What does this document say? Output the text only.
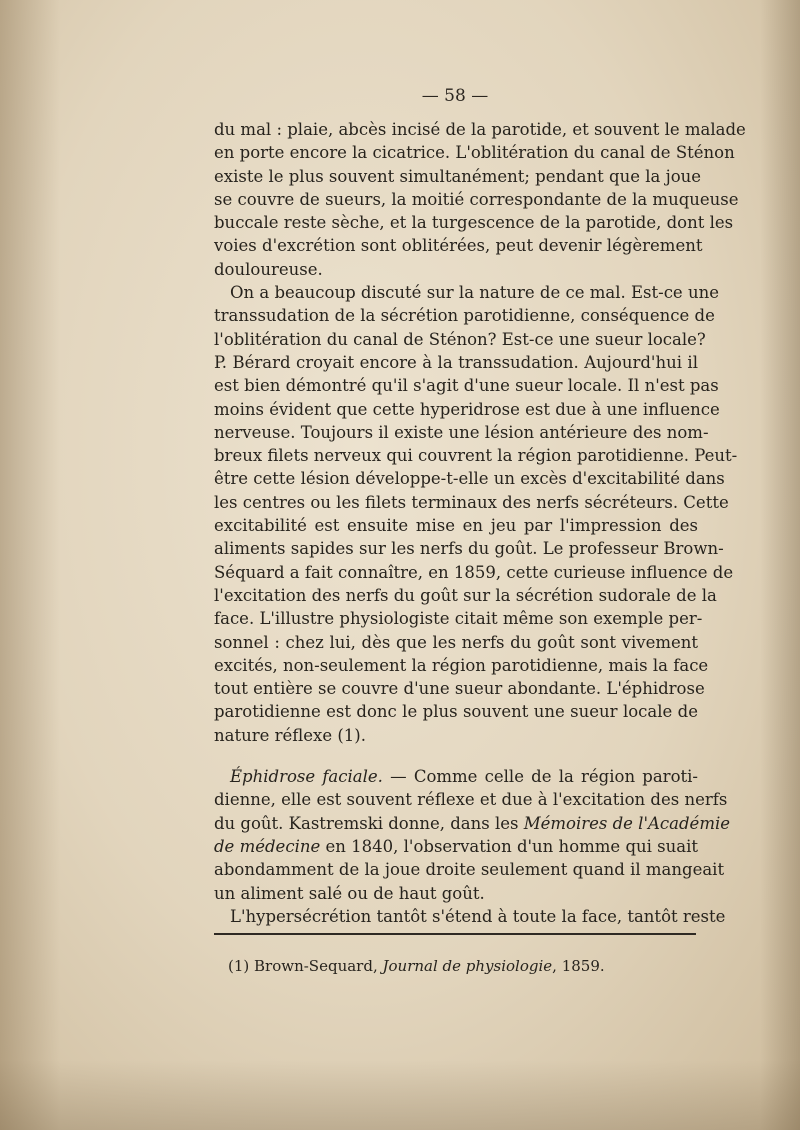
— 58 —
du mal : plaie, abcès incisé de la parotide, et souvent le malade
en porte encore la cicatrice. L'oblitération du canal de Sténon
existe le plus souvent simultanément; pendant que la joue
se couvre de sueurs, la moitié correspondante de la muqueuse
buccale reste sèche, et la turgescence de la parotide, dont les
voies d'excrétion sont oblitérées, peut devenir légèrement
douloureuse.
On a beaucoup discuté sur la nature de ce mal. Est-ce une
transsudation de la sécrétion parotidienne, conséquence de
l'oblitération du canal de Sténon? Est-ce une sueur locale?
P. Bérard croyait encore à la transsudation. Aujourd'hui il
est bien démontré qu'il s'agit d'une sueur locale. Il n'est pas
moins évident que cette hyperidrose est due à une influence
nerveuse. Toujours il existe une lésion antérieure des nom-
breux filets nerveux qui couvrent la région parotidienne. Peut-
être cette lésion développe-t-elle un excès d'excitabilité dans
les centres ou les filets terminaux des nerfs sécréteurs. Cette
excitabilité est ensuite mise en jeu par l'impression des
aliments sapides sur les nerfs du goût. Le professeur Brown-
Séquard a fait connaître, en 1859, cette curieuse influence de
l'excitation des nerfs du goût sur la sécrétion sudorale de la
face. L'illustre physiologiste citait même son exemple per-
sonnel : chez lui, dès que les nerfs du goût sont vivement
excités, non-seulement la région parotidienne, mais la face
tout entière se couvre d'une sueur abondante. L'éphidrose
parotidienne est donc le plus souvent une sueur locale de
nature réflexe (1).
Éphidrose faciale. — Comme celle de la région paroti-
dienne, elle est souvent réflexe et due à l'excitation des nerfs
du goût. Kastremski donne, dans les Mémoires de l'Académie
de médecine en 1840, l'observation d'un homme qui suait
abondamment de la joue droite seulement quand il mangeait
un aliment salé ou de haut goût.
L'hypersécrétion tantôt s'étend à toute la face, tantôt reste
(1) Brown-Sequard, Journal de physiologie, 1859.
